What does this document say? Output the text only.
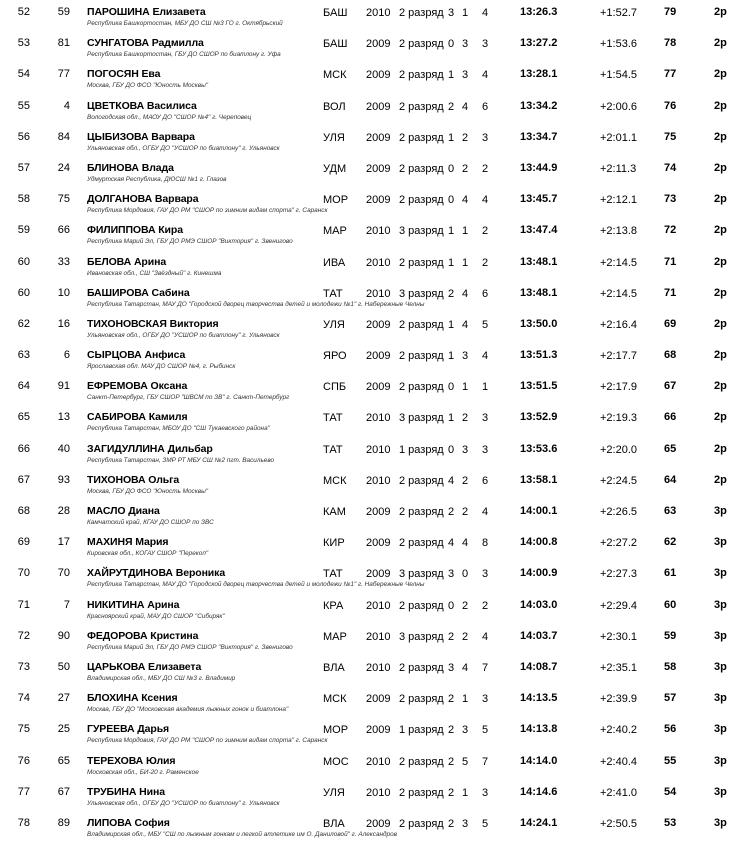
52	59 ПАРОШИНА Елизавета
Республика Башкортостан, МБУ ДО СШ №3 ГО г. Октябрьский
БАШ 2010 2 разряд 3 1 4	13:26.3	+1:52.7 79	2р
53	81 СУНГАТОВА Радмилла
Республика Башкортостан, ГБУ ДО СШОР по биатлону г. Уфа
БАШ 2009 2 разряд 0 3 3	13:27.2	+1:53.6 78	2р
54	77 ПОГОСЯН Ева
Москва, ГБУ ДО ФСО "Юность Москвы"
МСК 2009 2 разряд 1 3 4	13:28.1	+1:54.5 77	2р
55	4 ЦВЕТКОВА Василиса
Вологодская обл., МАОУ ДО "СШОР №4" г. Череповец
ВОЛ 2009 2 разряд 2 4 6	13:34.2	+2:00.6 76	2р
56	84 ЦЫБИЗОВА Варвара
Ульяновская обл., ОГБУ ДО "УСШОР по биатлону" г. Ульяновск
УЛЯ 2009 2 разряд 1 2 3	13:34.7	+2:01.1 75	2р
57	24 БЛИНОВА Влада
Удмуртская Республика, ДЮСШ №1 г. Глазов
УДМ 2009 2 разряд 0 2 2	13:44.9	+2:11.3	74	2р
58	75 ДОЛГАНОВА Варвара
Республика Мордовия, ГАУ ДО РМ "СШОР по зимним видам спорта" г. Саранск
МОР 2009 2 разряд 0 4 4	13:45.7	+2:12.1 73	2р
59	66 ФИЛИППОВА Кира
Республика Марий Эл, ГБУ ДО РМЭ СШОР "Виктория" г. Звенигово
МАР 2010 3 разряд 1 1 2	13:47.4	+2:13.8 72	2р
60	33 БЕЛОВА Арина
Ивановская обл., СШ "Звёздный" г. Кинешма
ИВА 2010 2 разряд 1 1 2	13:48.1	+2:14.5 71	2р
60	10 БАШИРОВА Сабина
Республика Татарстан, МАУ ДО "Городской дворец творчества детей и молодежи №1" г. Набережные Челны
ТАТ 2010 3 разряд 2 4 6	13:48.1	+2:14.5 71	2р
62	16 ТИХОНОВСКАЯ Виктория
Ульяновская обл., ОГБУ ДО "УСШОР по биатлону" г. Ульяновск
УЛЯ 2009 2 разряд 1 4 5	13:50.0	+2:16.4 69	2р
63	6 СЫРЦОВА Анфиса
Ярославская обл. МАУ ДО СШОР №4, г. Рыбинск
ЯРО 2009 2 разряд 1 3 4	13:51.3	+2:17.7 68	2р
64	91 ЕФРЕМОВА Оксана
Санкт-Петербург, ГБУ СШОР "ШВСМ по ЗВ" г. Санкт-Петербург
СПБ 2009 2 разряд 0 1 1	13:51.5	+2:17.9 67	2р
65	13 САБИРОВА Камиля
Республика Татарстан, МБОУ ДО "СШ Тукаевского района"
ТАТ 2010 3 разряд 1 2 3	13:52.9	+2:19.3 66	2р
66	40 ЗАГИДУЛЛИНА Дильбар
Республика Татарстан, ЗМР РТ МБУ СШ №2 пгт. Васильево
ТАТ 2010 1 разряд 0 3 3	13:53.6	+2:20.0 65	2р
67	93 ТИХОНОВА Ольга
Москва, ГБУ ДО ФСО "Юность Москвы"
МСК 2010 2 разряд 4 2 6	13:58.1	+2:24.5 64	2р
68	28 МАСЛО Диана
Камчатский край, КГАУ ДО СШОР по ЗВС
КАМ 2009 2 разряд 2 2 4	14:00.1	+2:26.5 63	3р
69	17 МАХИНЯ Мария
Кировская обл., КОГАУ СШОР "Перекоп"
КИР 2009 2 разряд 4 4 8	14:00.8	+2:27.2 62	3р
70	70 ХАЙРУТДИНОВА Вероника
Республика Татарстан, МАУ ДО "Городской дворец творчества детей и молодежи №1" г. Набережные Челны
ТАТ 2009 3 разряд 3 0 3	14:00.9	+2:27.3 61	3р
71	7 НИКИТИНА Арина
Красноярский край, МАУ ДО СШОР "Сибиряк"
КРА 2010 2 разряд 0 2 2	14:03.0	+2:29.4 60	3р
72	90 ФЕДОРОВА Кристина
Республика Марий Эл, ГБУ ДО РМЭ СШОР "Виктория" г. Звенигово
МАР 2010 3 разряд 2 2 4	14:03.7	+2:30.1 59	3р
73	50 ЦАРЬКОВА Елизавета
Владимирская обл., МБУ ДО СШ №3 г. Владимир
ВЛА 2010 2 разряд 3 4 7	14:08.7	+2:35.1 58	3р
74	27 БЛОХИНА Ксения
Москва, ГБУ ДО "Московская академия лыжных гонок и биатлона"
МСК 2009 2 разряд 2 1 3	14:13.5	+2:39.9 57	3р
75	25 ГУРЕЕВА Дарья
Республика Мордовия, ГАУ ДО РМ "СШОР по зимним видам спорта" г. Саранск
МОР 2009 1 разряд 2 3 5	14:13.8	+2:40.2 56	3р
76	65 ТЕРЕХОВА Юлия
Московская обл., БИ-20 г. Раменское
МОС 2010 2 разряд 2 5 7	14:14.0	+2:40.4 55	3р
77	67 ТРУБИНА Нина
Ульяновская обл., ОГБУ ДО "УСШОР по биатлону" г. Ульяновск
УЛЯ 2010 2 разряд 2 1 3	14:14.6	+2:41.0 54	3р
78	89 ЛИПОВА София
Владимирская обл., МБУ "СШ по лыжным гонкам и легкой атлетике им О. Даниловой" г. Александров
ВЛА 2009 2 разряд 2 3 5	14:24.1	+2:50.5 53	3р
